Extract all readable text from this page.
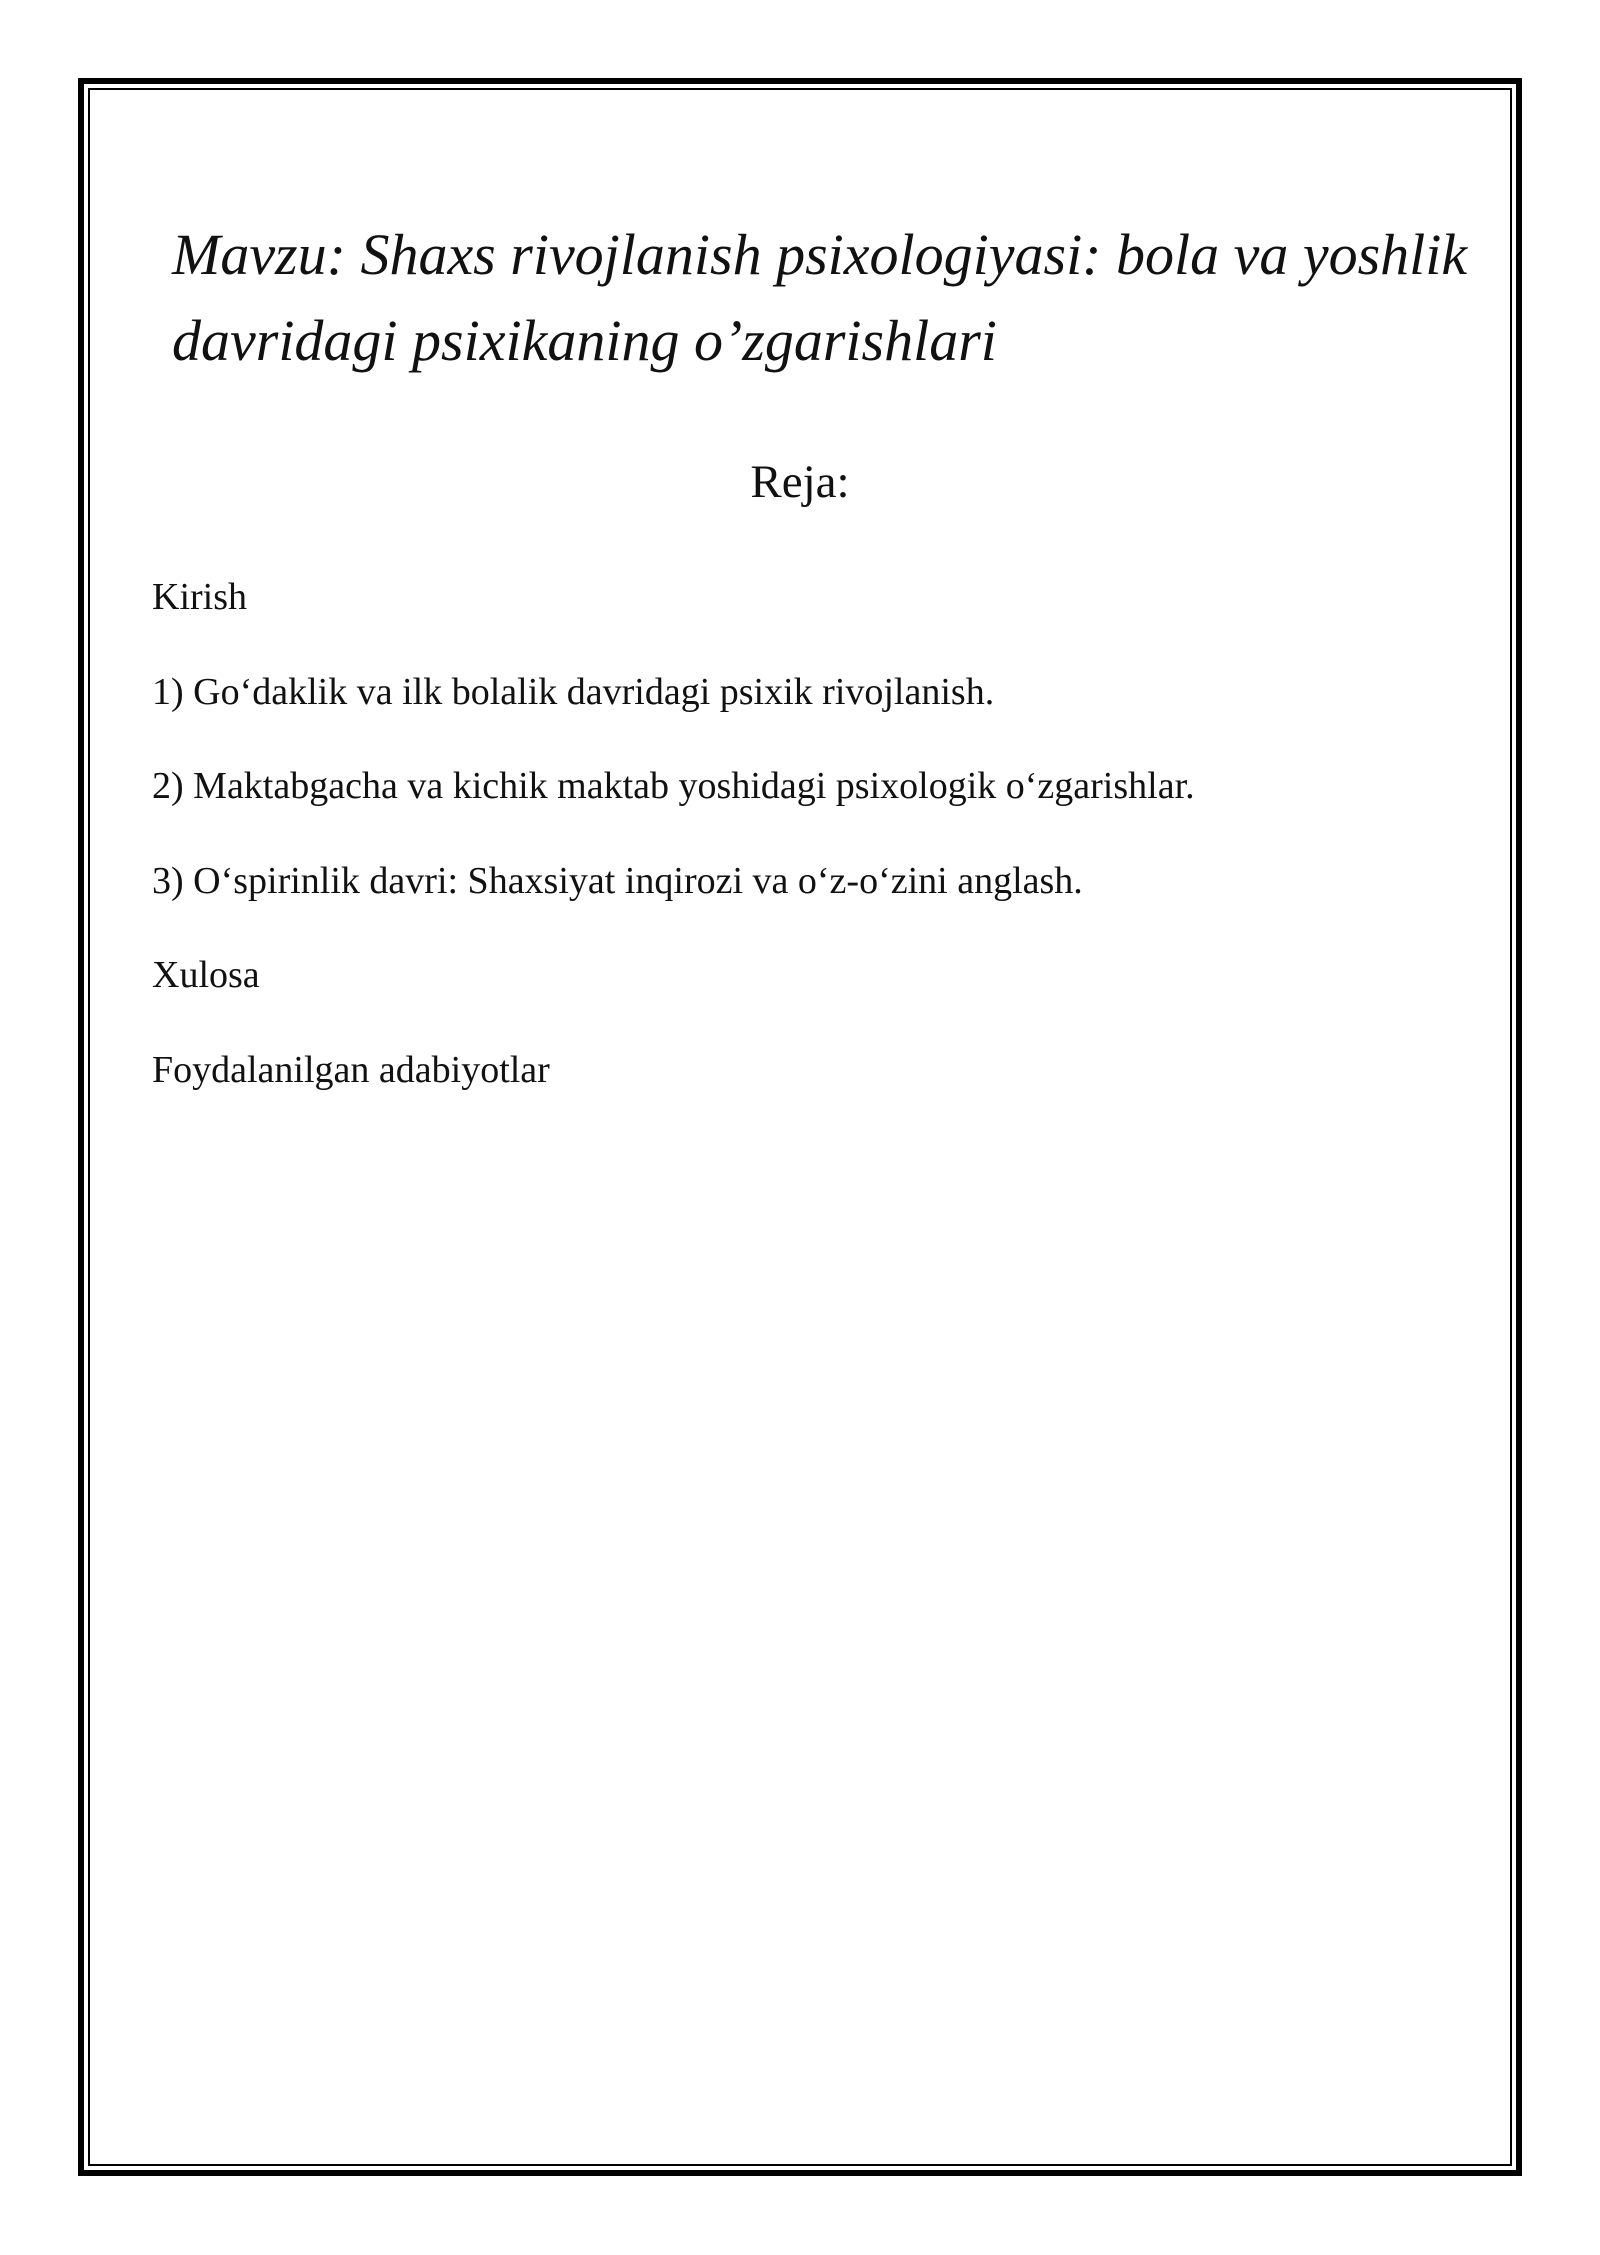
Mavzu: Shaxs rivojlanish psixologiyasi: bola va yoshlik davridagi psixikaning o’zgarishlari
Reja:
Kirish
1) Go‘daklik va ilk bolalik davridagi psixik rivojlanish.
2) Maktabgacha va kichik maktab yoshidagi psixologik o‘zgarishlar.
3) O‘spirinlik davri: Shaxsiyat inqirozi va o‘z-o‘zini anglash.
Xulosa
Foydalanilgan adabiyotlar
